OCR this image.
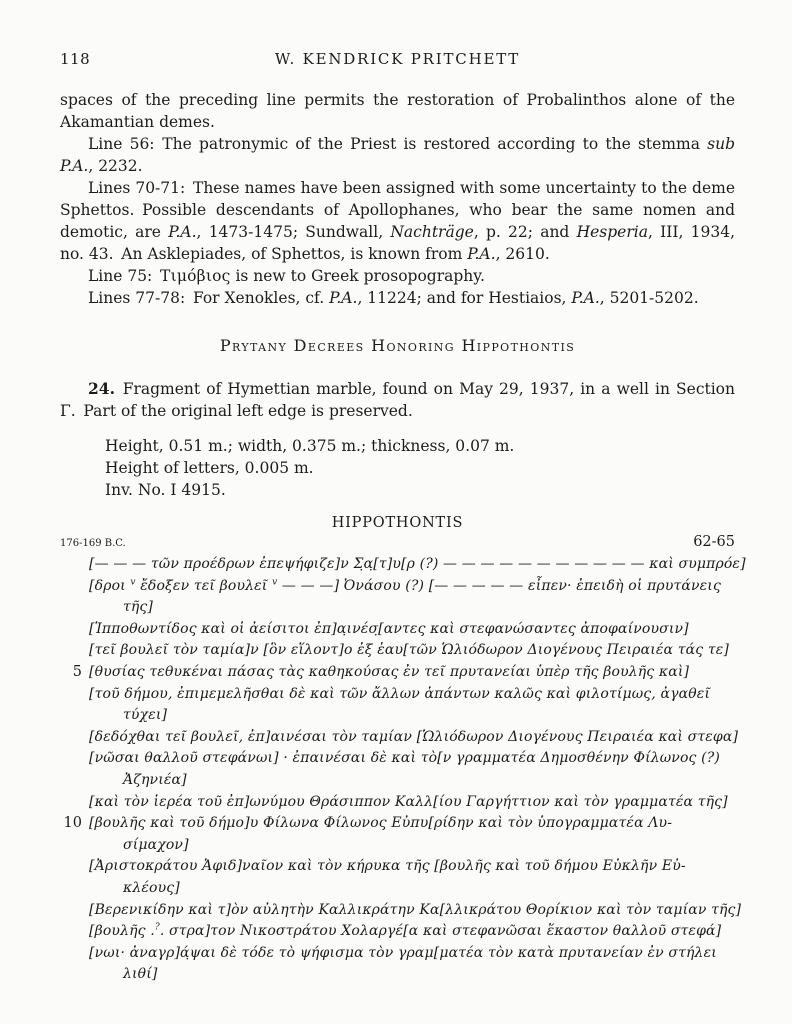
118	W. KENDRICK PRITCHETT

spaces of the preceding line permits the restoration of Probalinthos alone of the Akamantian demes.

Line 56: The patronymic of the Priest is restored according to the stemma sub P.A., 2232.

Lines 70-71: These names have been assigned with some uncertainty to the deme Sphettos. Possible descendants of Apollophanes, who bear the same nomen and demotic, are P.A., 1473-1475; Sundwall, Nachträge, p. 22; and Hesperia, III, 1934, no. 43. An Asklepiades, of Sphettos, is known from P.A., 2610.

Line 75: Τιμόβιος is new to Greek prosopography.

Lines 77-78: For Xenokles, cf. P.A., 11224; and for Hestiaios, P.A., 5201-5202.

Prytany Decrees Honoring Hippothontis

24. Fragment of Hymettian marble, found on May 29, 1937, in a well in Section Γ. Part of the original left edge is preserved.

Height, 0.51 m.; width, 0.375 m.; thickness, 0.07 m.
Height of letters, 0.005 m.
Inv. No. I 4915.
HIPPOTHONTIS
176-169 B.C.	62-65
[— — — τῶν προέδρων ἐπεψήφιζε]ν Σ̣α̣[τ]υ[ρ (?) — — — — — — — — — — — καὶ συμπρόε]
[δροι $^v$ ἔδοξεν τεῖ βουλεῖ $^v$ — — —] Ὀνάσου (?) [— — — — — εἶπεν· ἐπειδὴ οἱ πρυτάνεις
τῆς]
[Ἱπποθωντίδος καὶ οἱ ἀείσιτοι ἐπ]α̣ινέσ̣[αντες καὶ στεφανώσαντες ἀποφαίνουσιν]
[τεῖ βουλεῖ τὸν ταμία]ν [ὃν εἵλοντ]ο ἐξ ἑαυ[τῶν Ὡλιόδωρον Διογένους Πειραιέα τάς τε]
5 [θυσίας τεθυκέναι πάσας τὰς καθηκούσας ἐν τεῖ πρυτανείαι ὑπὲρ τῆς βουλῆς καὶ]
[τοῦ δήμου, ἐπιμεμελῆσθαι δὲ καὶ τῶν ἄλλων ἁπάντων καλῶς καὶ φιλοτίμως, ἀγαθεῖ
τύχει]
[δεδόχθαι τεῖ βουλεῖ, ἐπ]αινέσαι τὸν ταμίαν [Ὡλιόδωρον Διογένους Πειραιέα καὶ στεφα]
[νῶσαι θαλλοῦ στεφάνωι] · ἐπαινέσαι δὲ καὶ τὸ[ν γραμματέα Δημοσθένην Φίλωνος (?)
Ἀζηνιέα]
[καὶ τὸν ἱερέα τοῦ ἐπ]ωνύμου Θράσιππον Καλλ[ίου Γαργήττιον καὶ τὸν γραμματέα τῆς]
10 [βουλῆς καὶ τοῦ δήμο]υ Φίλωνα Φίλωνος Εὐπυ[ρίδην καὶ τὸν ὑπογραμματέα Λυ-
σίμαχον]
[Ἀριστοκράτου Ἀφιδ]ναῖον καὶ τὸν κήρυκα τῆς [βουλῆς καὶ τοῦ δήμου Εὐκλῆν Εὐ-
κλέους]
[Βερενικίδην καὶ τ]ὸν αὐλητὴν Καλλικράτην Κα[λλικράτου Θορίκιον καὶ τὸν ταμίαν τῆς]
[βουλῆς .?. στρα]τον Νικοστράτου Χολαργέ[α καὶ στεφανῶσαι ἕκαστον θαλλοῦ στεφά]
[νωι· ἀναγρ]ά̣ψαι δὲ τόδε τὸ ψήφισμα τὸν γραμ[ματέα τὸν κατὰ πρυτανείαν ἐν στήλει
λιθί]
